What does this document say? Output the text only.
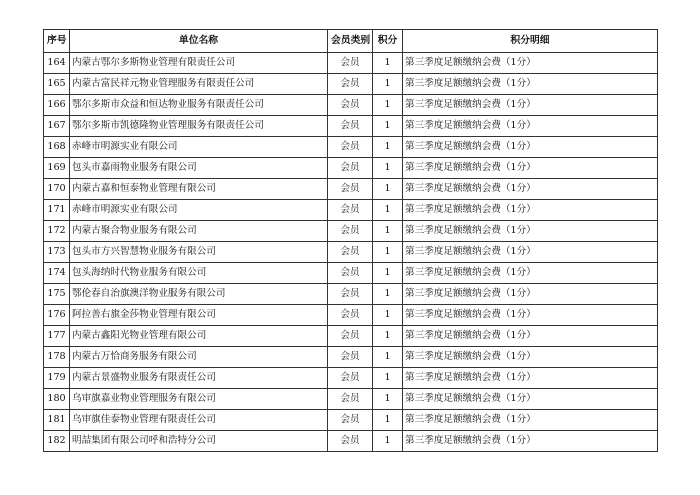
序号	单位名称	会员类别	积分	积分明细
164	内蒙古鄂尔多斯物业管理有限责任公司	会员	1	第三季度足额缴纳会费（1分）
165	内蒙古富民祥元物业管理服务有限责任公司	会员	1	第三季度足额缴纳会费（1分）
166	鄂尔多斯市众益和恒达物业服务有限责任公司	会员	1	第三季度足额缴纳会费（1分）
167	鄂尔多斯市凯德隆物业管理服务有限责任公司	会员	1	第三季度足额缴纳会费（1分）
168	赤峰市明源实业有限公司	会员	1	第三季度足额缴纳会费（1分）
169	包头市嘉雨物业服务有限公司	会员	1	第三季度足额缴纳会费（1分）
170	内蒙古嘉和恒泰物业管理有限公司	会员	1	第三季度足额缴纳会费（1分）
171	赤峰市明源实业有限公司	会员	1	第三季度足额缴纳会费（1分）
172	内蒙古聚合物业服务有限公司	会员	1	第三季度足额缴纳会费（1分）
173	包头市方兴智慧物业服务有限公司	会员	1	第三季度足额缴纳会费（1分）
174	包头海纳时代物业服务有限公司	会员	1	第三季度足额缴纳会费（1分）
175	鄂伦春自治旗澳洋物业服务有限公司	会员	1	第三季度足额缴纳会费（1分）
176	阿拉善右旗金莎物业管理有限公司	会员	1	第三季度足额缴纳会费（1分）
177	内蒙古鑫阳光物业管理有限公司	会员	1	第三季度足额缴纳会费（1分）
178	内蒙古万恰商务服务有限公司	会员	1	第三季度足额缴纳会费（1分）
179	内蒙古景盛物业服务有限责任公司	会员	1	第三季度足额缴纳会费（1分）
180	乌审旗嘉业物业管理服务有限公司	会员	1	第三季度足额缴纳会费（1分）
181	乌审旗佳泰物业管理有限责任公司	会员	1	第三季度足额缴纳会费（1分）
182	明喆集团有限公司呼和浩特分公司	会员	1	第三季度足额缴纳会费（1分）
